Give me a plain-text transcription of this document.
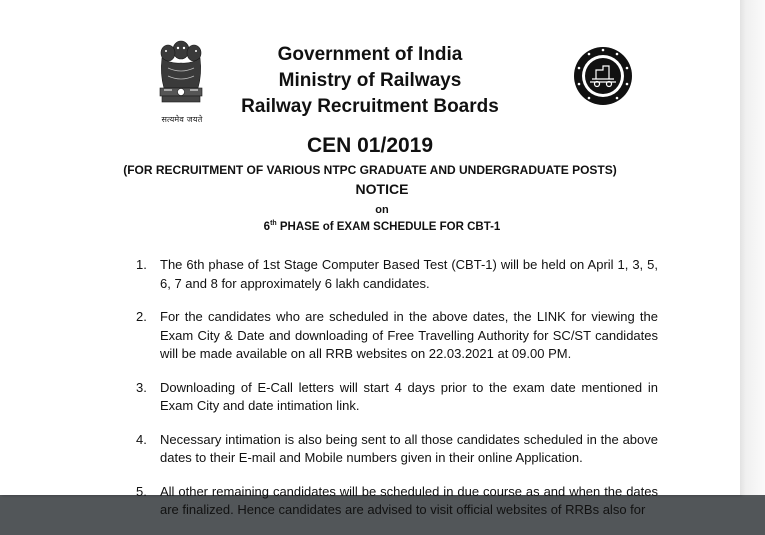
सत्यमेव जयते
Government of India
Ministry of Railways
Railway Recruitment Boards
CEN 01/2019
(FOR RECRUITMENT OF VARIOUS NTPC GRADUATE AND UNDERGRADUATE POSTS)
NOTICE
on
6th PHASE of EXAM SCHEDULE FOR CBT-1
1. The 6th phase of 1st Stage Computer Based Test (CBT-1) will be held on April 1, 3, 5, 6, 7 and 8 for approximately 6 lakh candidates.
2. For the candidates who are scheduled in the above dates, the LINK for viewing the Exam City & Date and downloading of Free Travelling Authority for SC/ST candidates will be made available on all RRB websites on 22.03.2021 at 09.00 PM.
3. Downloading of E-Call letters will start 4 days prior to the exam date mentioned in Exam City and date intimation link.
4. Necessary intimation is also being sent to all those candidates scheduled in the above dates to their E-mail and Mobile numbers given in their online Application.
5. All other remaining candidates will be scheduled in due course as and when the dates are finalized. Hence candidates are advised to visit official websites of RRBs also for
